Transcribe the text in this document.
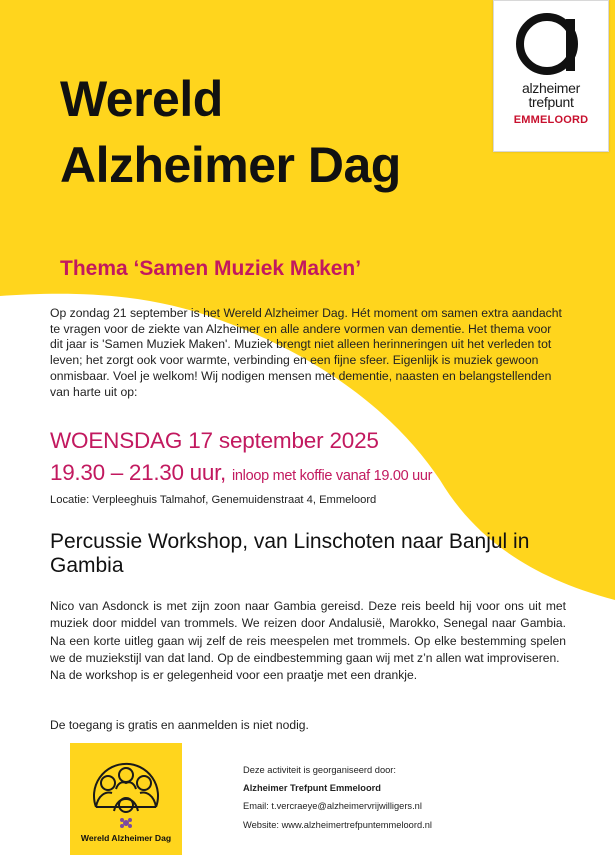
alzheimer
trefpunt
EMMELOORD
Wereld
Alzheimer Dag
Thema ‘Samen Muziek Maken’
Op zondag 21 september is het Wereld Alzheimer Dag. Hét moment om samen extra aandacht te vragen voor de ziekte van Alzheimer en alle andere vormen van dementie. Het thema voor dit jaar is 'Samen Muziek Maken'. Muziek brengt niet alleen herinneringen uit het verleden tot leven; het zorgt ook voor warmte, verbinding en een fijne sfeer. Eigenlijk is muziek gewoon onmisbaar. Voel je welkom! Wij nodigen mensen met dementie, naasten en belangstellenden van harte uit op:
WOENSDAG 17 september 2025
19.30 – 21.30 uur, inloop met koffie vanaf 19.00 uur
Locatie: Verpleeghuis Talmahof, Genemuidenstraat 4, Emmeloord
Percussie Workshop, van Linschoten naar Banjul in Gambia

Nico van Asdonck is met zijn zoon naar Gambia gereisd. Deze reis beeld hij voor ons uit met muziek door middel van trommels. We reizen door Andalusië, Marokko, Senegal naar Gambia. Na een korte uitleg gaan wij zelf de reis meespelen met trommels. Op elke bestemming spelen we de muziekstijl van dat land. Op de eindbestemming gaan wij met z’n allen wat improviseren.

Na de workshop is er gelegenheid voor een praatje met een drankje.

De toegang is gratis en aanmelden is niet nodig.
Wereld Alzheimer Dag
Deze activiteit is georganiseerd door:
Alzheimer Trefpunt Emmeloord
Email: t.vercraeye@alzheimervrijwilligers.nl
Website: www.alzheimertrefpuntemmeloord.nl
